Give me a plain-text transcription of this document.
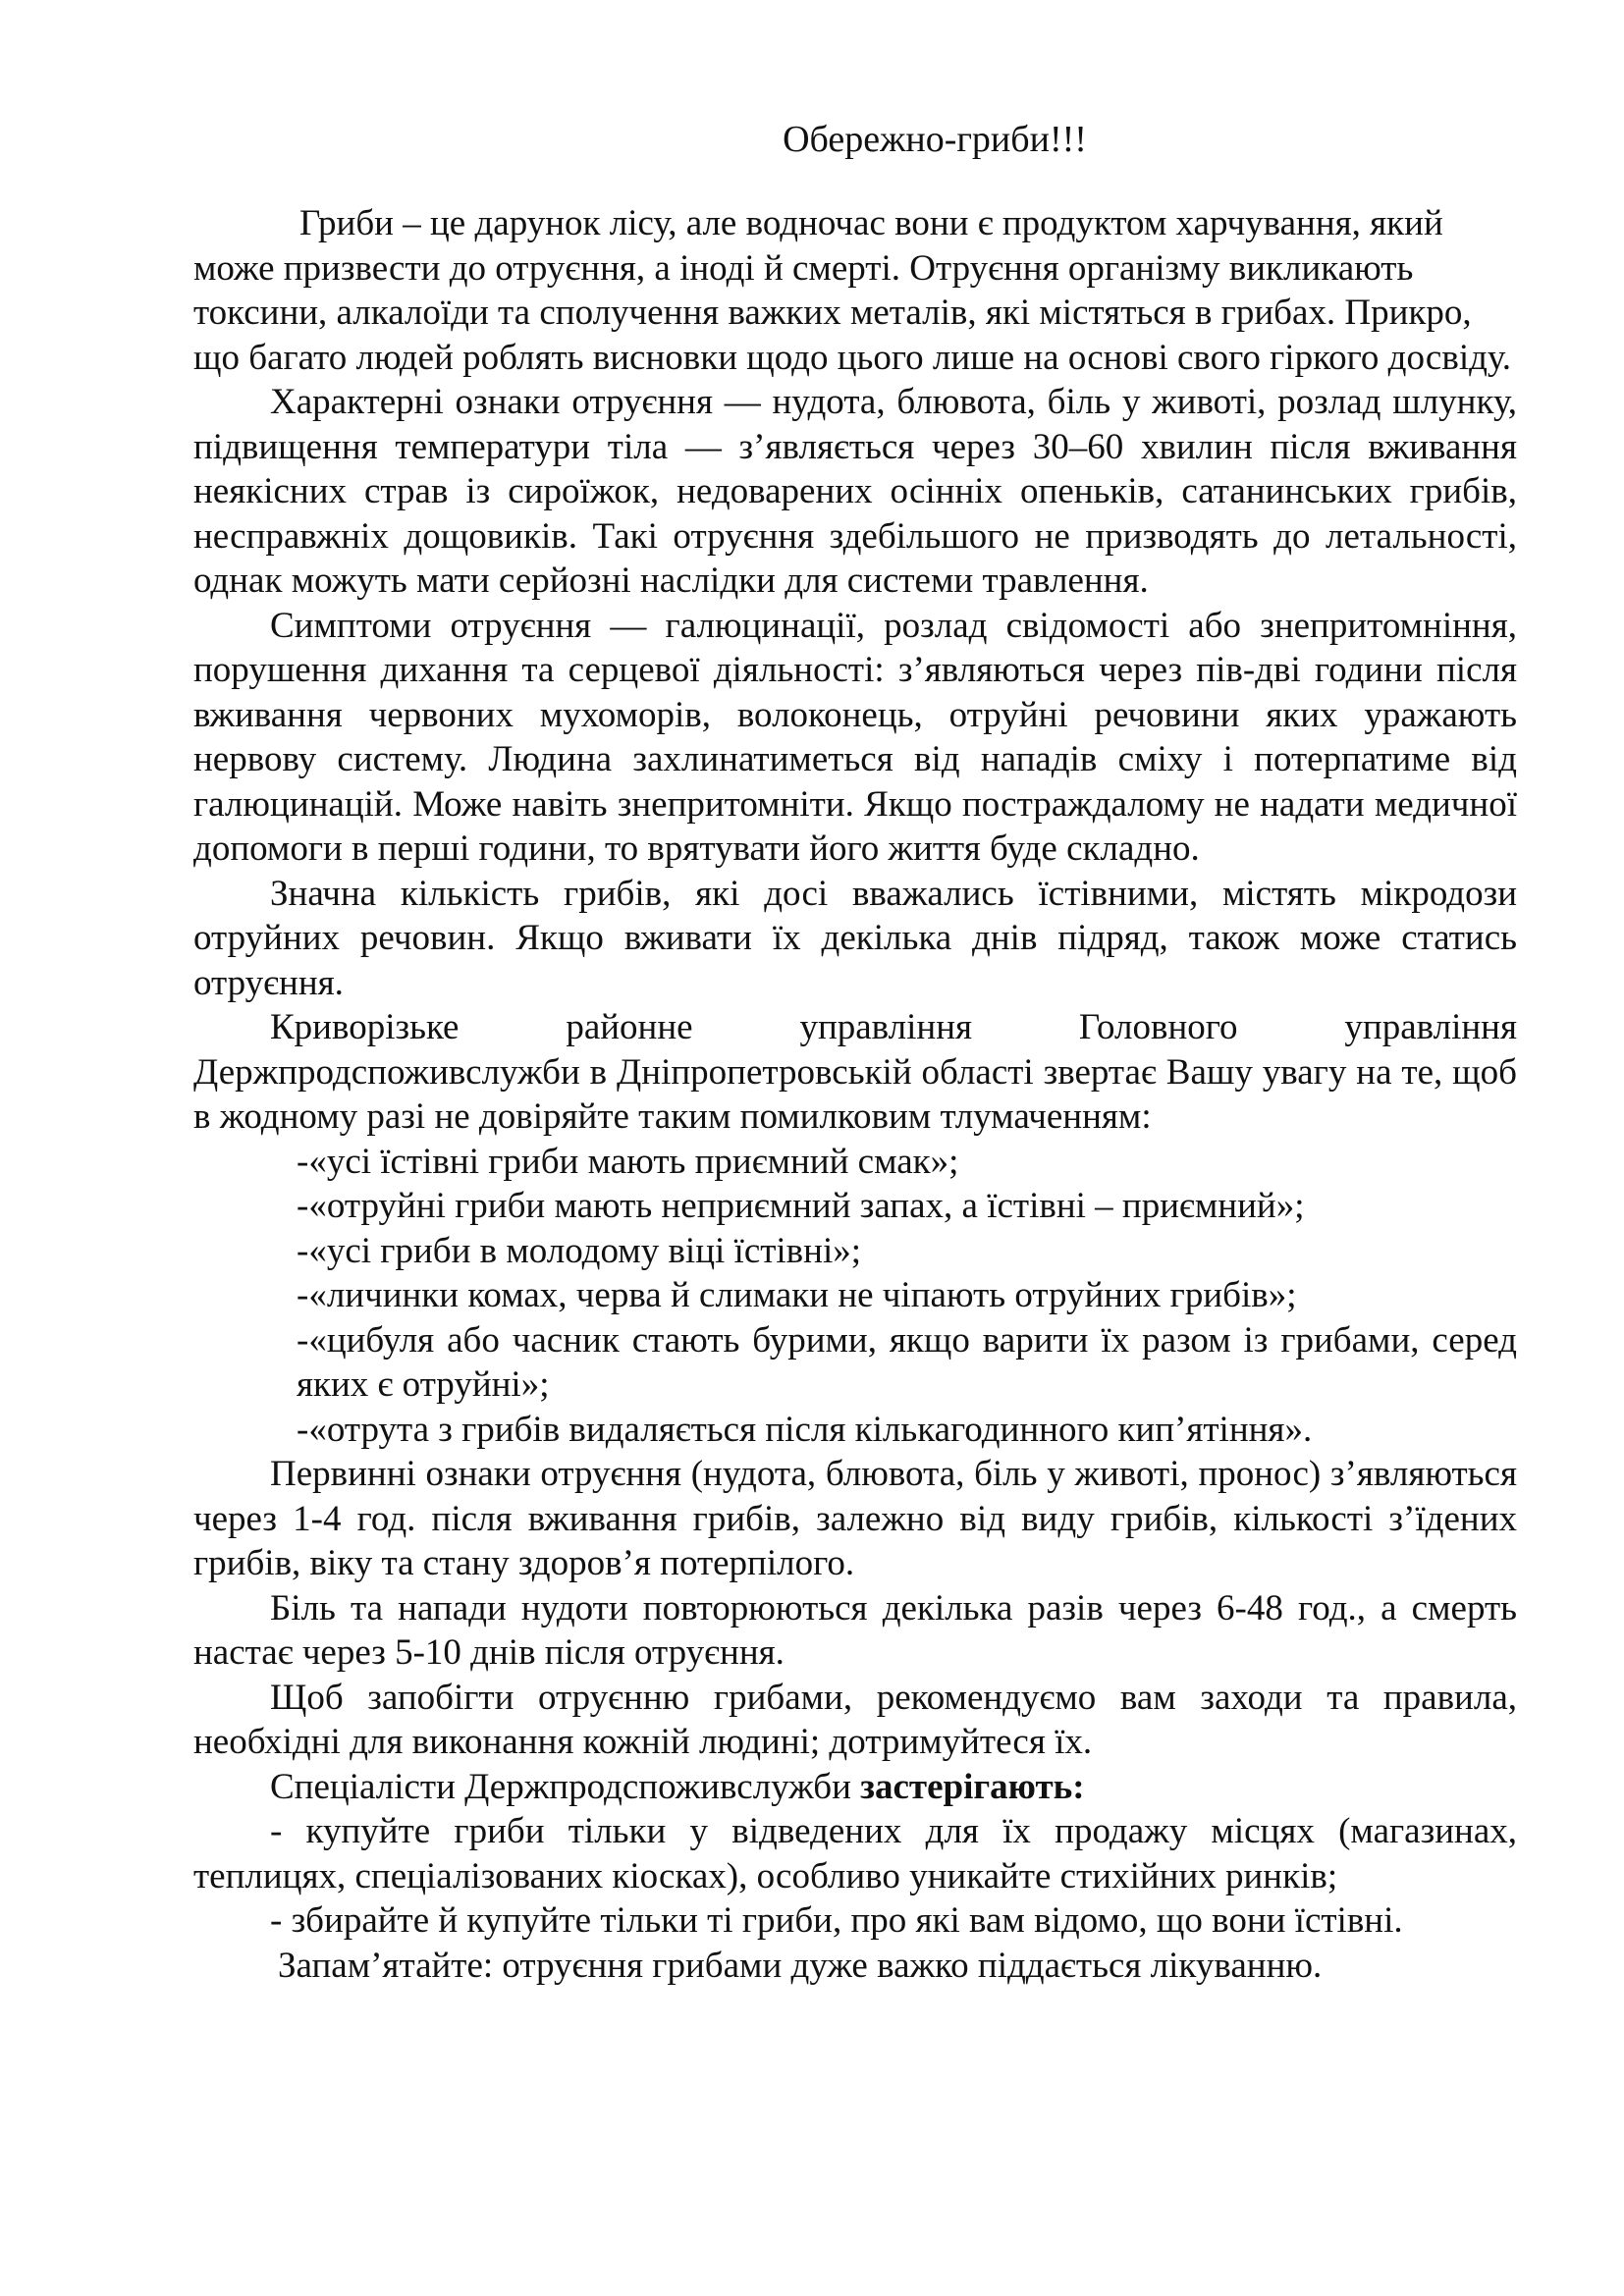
Обережно-гриби!!!

Гриби – це дарунок лісу, але водночас вони є продуктом харчування, який може призвести до отруєння, а іноді й смерті. Отруєння організму викликають токсини, алкалоїди та сполучення важких металів, які містяться в грибах. Прикро, що багато людей роблять висновки щодо цього лише на основі свого гіркого досвіду.

Характерні ознаки отруєння — нудота, блювота, біль у животі, розлад шлунку, підвищення температури тіла — з’являється через 30–60 хвилин після вживання неякісних страв із сироїжок, недоварених осінніх опеньків, сатанинських грибів, несправжніх дощовиків. Такі отруєння здебільшого не призводять до летальності, однак можуть мати серйозні наслідки для системи травлення.

Симптоми отруєння — галюцинації, розлад свідомості або знепритомніння, порушення дихання та серцевої діяльності: з’являються через пів-дві години після вживання червоних мухоморів, волоконець, отруйні речовини яких уражають нервову систему. Людина захлинатиметься від нападів сміху і потерпатиме від галюцинацій. Може навіть знепритомніти. Якщо постраждалому не надати медичної допомоги в перші години, то врятувати його життя буде складно.

Значна кількість грибів, які досі вважались їстівними, містять мікродози отруйних речовин. Якщо вживати їх декілька днів підряд, також може статись отруєння.

Криворізьке районне управління Головного управління Держпродспоживслужби в Дніпропетровській області звертає Вашу увагу на те, щоб в жодному разі не довіряйте таким помилковим тлумаченням:

-«усі їстівні гриби мають приємний смак»;

-«отруйні гриби мають неприємний запах, а їстівні – приємний»;

-«усі гриби в молодому віці їстівні»;

-«личинки комах, черва й слимаки не чіпають отруйних грибів»;

-«цибуля або часник стають бурими, якщо варити їх разом із грибами, серед яких є отруйні»;

-«отрута з грибів видаляється після кількагодинного кип’ятіння».

Первинні ознаки отруєння (нудота, блювота, біль у животі, пронос) з’являються через 1-4 год. після вживання грибів, залежно від виду грибів, кількості з’їдених грибів, віку та стану здоров’я потерпілого.

Біль та напади нудоти повторюються декілька разів через 6-48 год., а смерть настає через 5-10 днів після отруєння.

Щоб запобігти отруєнню грибами, рекомендуємо вам заходи та правила, необхідні для виконання кожній людині; дотримуйтеся їх.

Спеціалісти Держпродспоживслужби застерігають:

- купуйте гриби тільки у відведених для їх продажу місцях (магазинах, теплицях, спеціалізованих кіосках), особливо уникайте стихійних ринків;

- збирайте й купуйте тільки ті гриби, про які вам відомо, що вони їстівні.

Запам’ятайте: отруєння грибами дуже важко піддається лікуванню.
